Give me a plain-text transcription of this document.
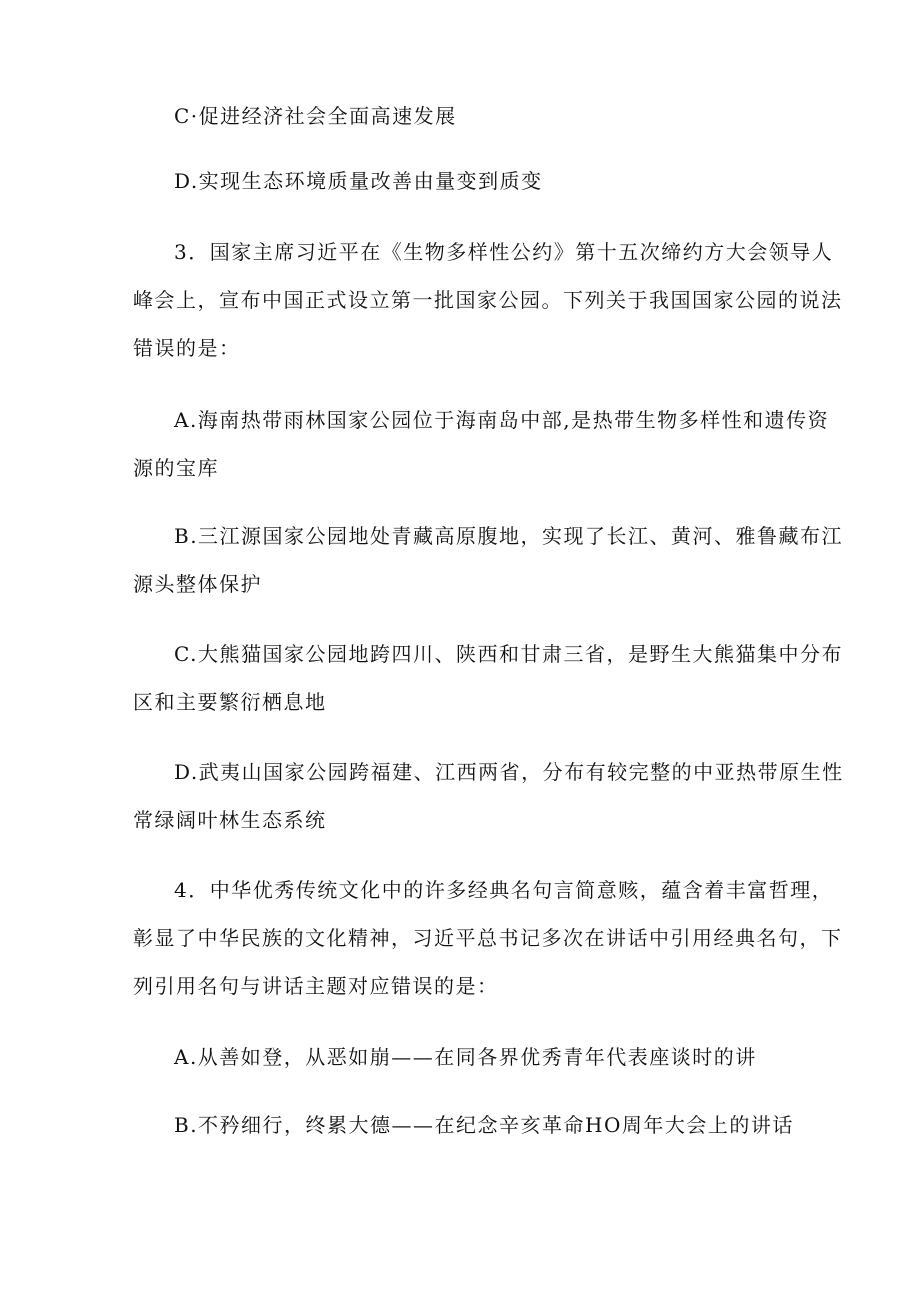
C·促进经济社会全面高速发展
D.实现生态环境质量改善由量变到质变
3．国家主席习近平在《生物多样性公约》第十五次缔约方大会领导人
峰会上，宣布中国正式设立第一批国家公园。下列关于我国国家公园的说法
错误的是：
A.海南热带雨林国家公园位于海南岛中部,是热带生物多样性和遗传资
源的宝库
B.三江源国家公园地处青藏高原腹地，实现了长江、黄河、雅鲁藏布江
源头整体保护
C.大熊猫国家公园地跨四川、陕西和甘肃三省，是野生大熊猫集中分布
区和主要繁衍栖息地
D.武夷山国家公园跨福建、江西两省，分布有较完整的中亚热带原生性
常绿阔叶林生态系统
4．中华优秀传统文化中的许多经典名句言简意赅，蕴含着丰富哲理，
彰显了中华民族的文化精神，习近平总书记多次在讲话中引用经典名句，下
列引用名句与讲话主题对应错误的是：
A.从善如登，从恶如崩——在同各界优秀青年代表座谈时的讲
B.不矜细行，终累大德——在纪念辛亥革命HO周年大会上的讲话
